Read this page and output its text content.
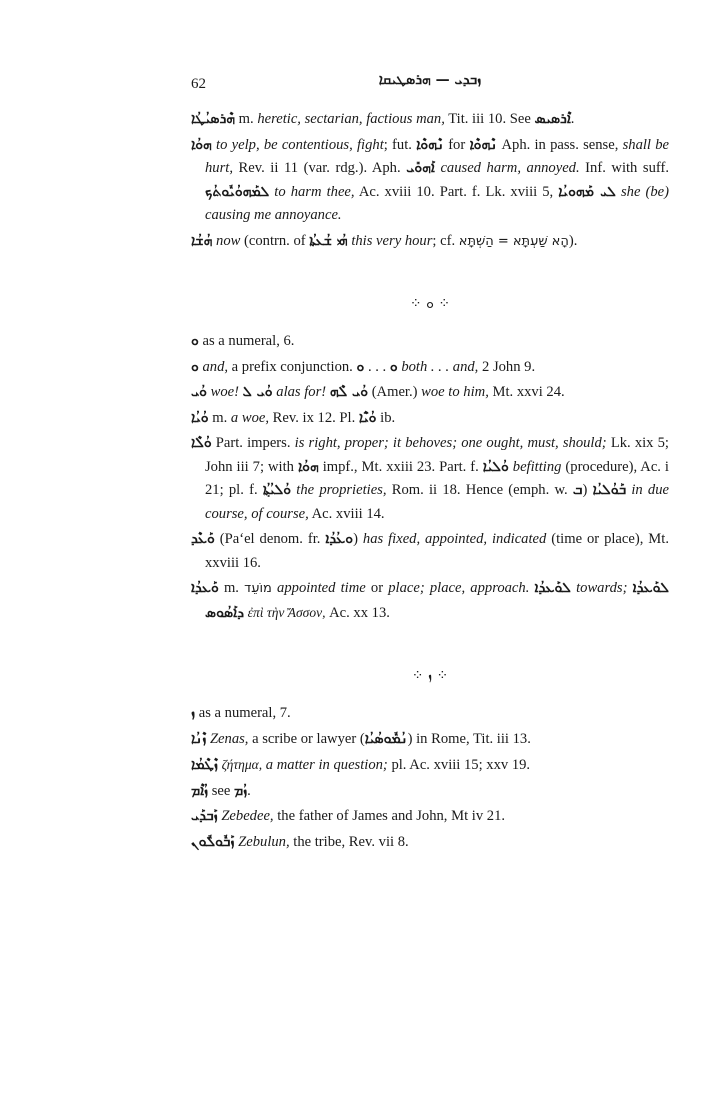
62	ܙܒܕܝ — ܗܪܣܛܝܩܐ

ܗܶܪܣܝܳܛܳܐ m. heretic, sectarian, factious man, Tit. iii 10. See ܐܶܪܣܝܣ.

ܗܘܳܐ to yelp, be contentious, fight; fut. ܢܶܗܘܶܐ for ܢܶܗܘܶܐ Aph. in pass. sense, shall be hurt, Rev. ii 11 (var. rdg.). Aph. ܐܰܗܘܺܝ caused harm, annoyed. Inf. with suff. ܠܡܰܗܘܳܝܽܘܬܳܟ to harm thee, Ac. xviii 10. Part. f. Lk. xviii 5, ܠܝ ܡܰܗܘܝܳܐ she (be) causing me annoyance.

ܗܳܫܳܐ now (contrn. of ܗܳܝ ܫܳܥܬܳܐ this very hour; cf. הָא שַׁעְתָּא = הַשְׁתָּא).

⁘ ܘ ⁘

ܘ as a numeral, 6.

ܘ and, a prefix conjunction. ܘ . . . ܘ both . . . and, 2 John 9.

ܘܳܝ woe! ܘܳܝ ܠ alas for! ܘܳܝ ܠܶܗ (Amer.) woe to him, Mt. xxvi 24.

ܘܳܝܳܐ m. a woe, Rev. ix 12. Pl. ܘܳܝ̈ܶܐ ib.

ܘܳܠܶܐ Part. impers. is right, proper; it behoves; one ought, must, should; Lk. xix 5; John iii 7; with ܗܘܳܐ impf., Mt. xxiii 23. Part. f. ܘܳܠܝܳܐ befitting (procedure), Ac. i 21; pl. f. ܘܳܠܝܳܬ݂ܳܐ the proprieties, Rom. ii 18. Hence (emph. w. ܒ) ܒܰܘܳܠܝܳܐ in due course, of course, Ac. xviii 14.

ܘܰܥܶܕ (Pa‘el denom. fr. ܘܥܳܕܳܐ) has fixed, appointed, indicated (time or place), Mt. xxviii 16.

ܘܰܥܕܳܐ m. מוֹעֵד appointed time or place; place, approach. ܠܘܰܥܕܳܐ towards; ܠܘܰܥܕܳܐ ܕܐܰܣܳܘܣ ἐπὶ τὴν Ἄσσον, Ac. xx 13.

⁘ ܙ ⁘

ܙ as a numeral, 7.

ܙܶܢܳܐ Zenas, a scribe or lawyer (ܢܳܡܽܘܣܳܝܳܐ) in Rome, Tit. iii 13.

ܙܶܛܶܡܳܐ ζήτημα, a matter in question; pl. Ac. xviii 15; xxv 19.

ܙܳܐܶܡ see ܙܳܡ.

ܙܰܒܕܰܝ Zebedee, the father of James and John, Mt iv 21.

ܙܰܒܽܘܠܽܘܢ Zebulun, the tribe, Rev. vii 8.
